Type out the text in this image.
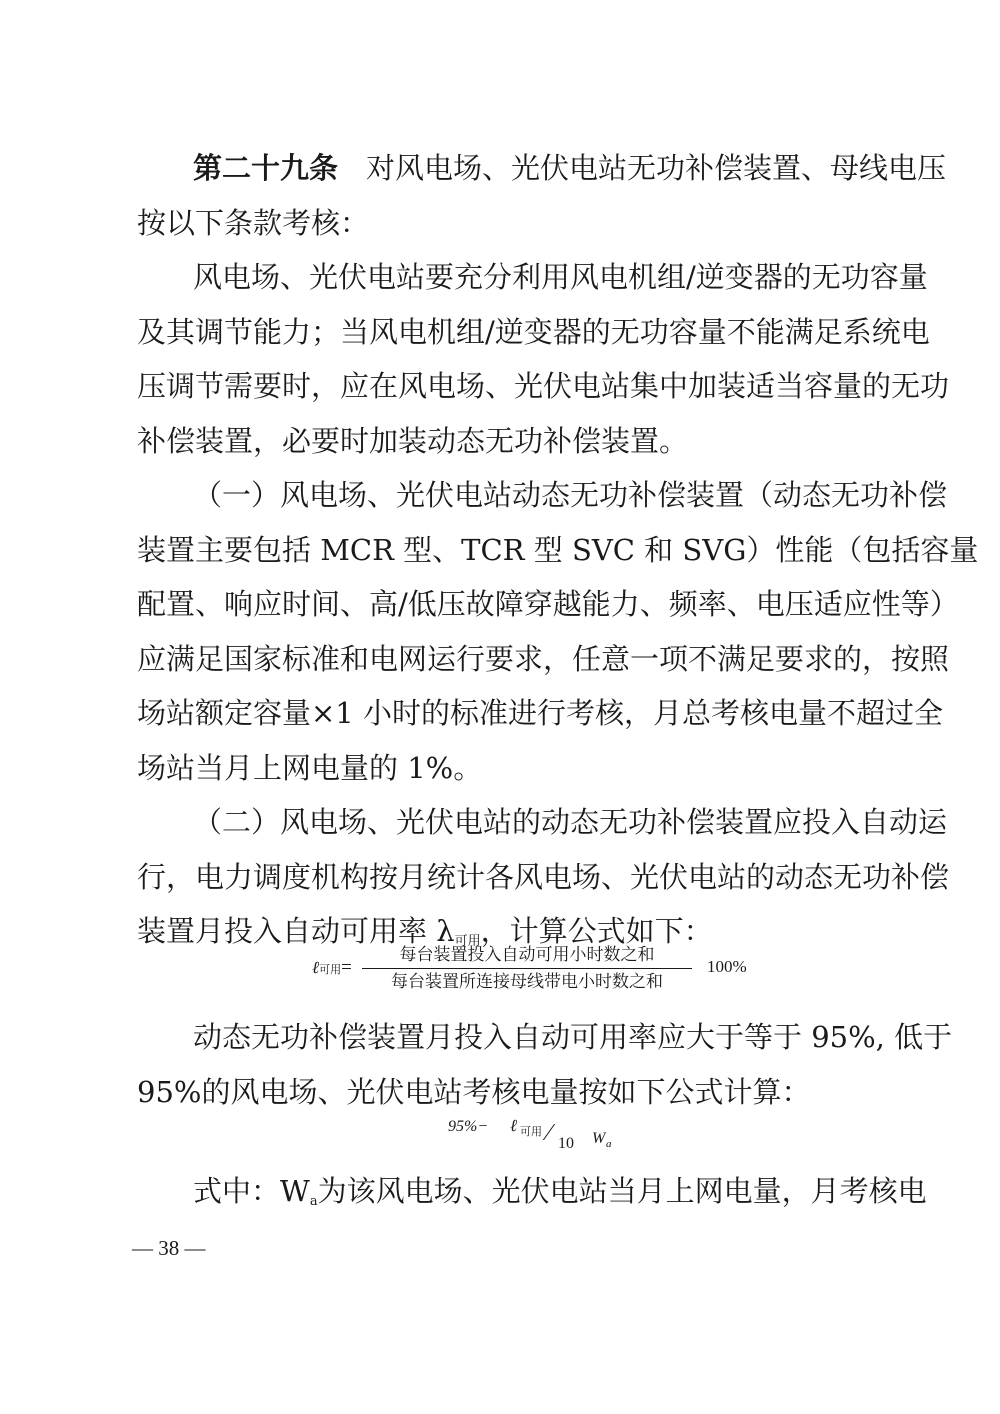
第二十九条 对风电场、光伏电站无功补偿装置、母线电压
按以下条款考核：
风电场、光伏电站要充分利用风电机组/逆变器的无功容量
及其调节能力；当风电机组/逆变器的无功容量不能满足系统电
压调节需要时，应在风电场、光伏电站集中加装适当容量的无功
补偿装置，必要时加装动态无功补偿装置。
（一）风电场、光伏电站动态无功补偿装置（动态无功补偿
装置主要包括 MCR 型、TCR 型 SVC 和 SVG）性能（包括容量
配置、响应时间、高/低压故障穿越能力、频率、电压适应性等）
应满足国家标准和电网运行要求，任意一项不满足要求的，按照
场站额定容量×1 小时的标准进行考核，月总考核电量不超过全
场站当月上网电量的 1%。
（二）风电场、光伏电站的动态无功补偿装置应投入自动运
行，电力调度机构按月统计各风电场、光伏电站的动态无功补偿
装置月投入自动可用率 λ可用，计算公式如下：
ℓ可用=
每台装置投入自动可用小时数之和
每台装置所连接母线带电小时数之和
100%
动态无功补偿装置月投入自动可用率应大于等于 95%, 低于
95%的风电场、光伏电站考核电量按如下公式计算：
95%− ℓ 可用 ⁄ 10 W a
式中：Wa为该风电场、光伏电站当月上网电量，月考核电
— 38 —
